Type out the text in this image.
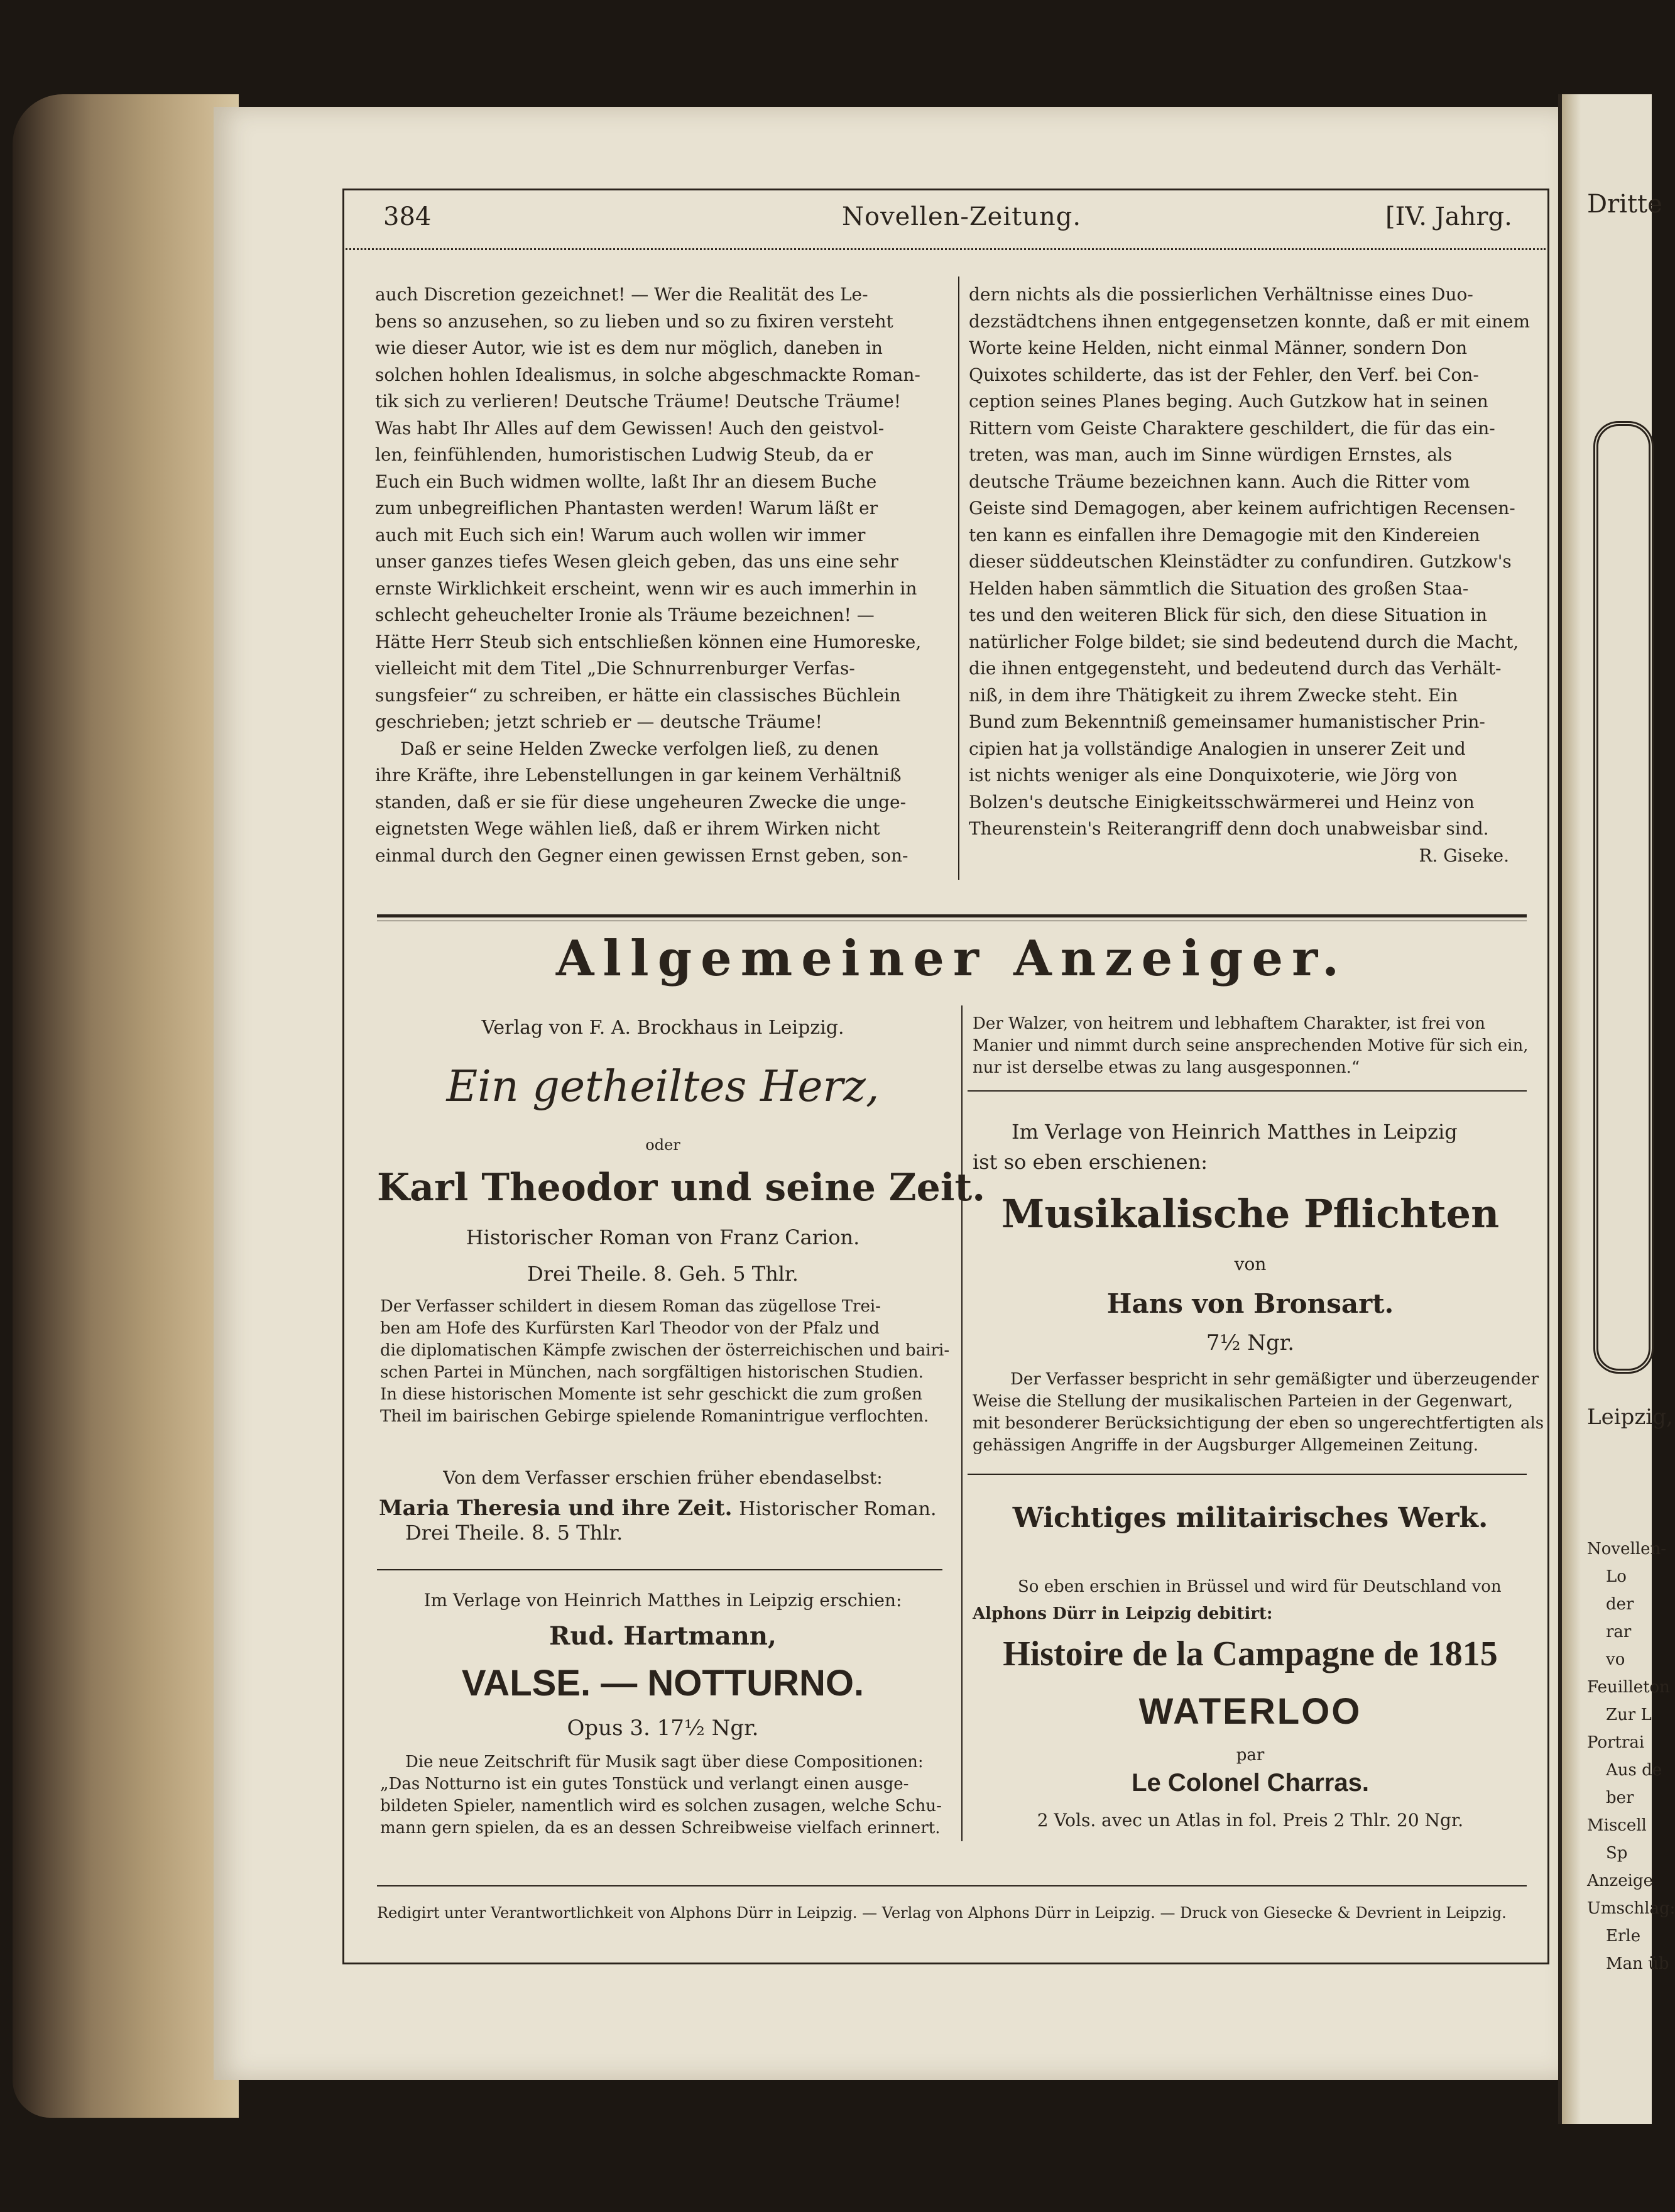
Dritte
Leipzig,
Novellen-
Lo
der
rar
vo
Feuilleton
Zur L
Portrai
Aus de
ber
Miscell
Sp
Anzeige
Umschlag:
Erle
Man üb
384	Novellen-Zeitung.	[IV. Jahrg.

auch Discretion gezeichnet! — Wer die Realität des Le-

bens so anzusehen, so zu lieben und so zu fixiren versteht

wie dieser Autor, wie ist es dem nur möglich, daneben in

solchen hohlen Idealismus, in solche abgeschmackte Roman-

tik sich zu verlieren! Deutsche Träume! Deutsche Träume!

Was habt Ihr Alles auf dem Gewissen! Auch den geistvol-

len, feinfühlenden, humoristischen Ludwig Steub, da er

Euch ein Buch widmen wollte, laßt Ihr an diesem Buche

zum unbegreiflichen Phantasten werden! Warum läßt er

auch mit Euch sich ein! Warum auch wollen wir immer

unser ganzes tiefes Wesen gleich geben, das uns eine sehr

ernste Wirklichkeit erscheint, wenn wir es auch immerhin in

schlecht geheuchelter Ironie als Träume bezeichnen! —

Hätte Herr Steub sich entschließen können eine Humoreske,

vielleicht mit dem Titel „Die Schnurrenburger Verfas-

sungsfeier“ zu schreiben, er hätte ein classisches Büchlein

geschrieben; jetzt schrieb er — deutsche Träume!

Daß er seine Helden Zwecke verfolgen ließ, zu denen

ihre Kräfte, ihre Lebenstellungen in gar keinem Verhältniß

standen, daß er sie für diese ungeheuren Zwecke die unge-

eignetsten Wege wählen ließ, daß er ihrem Wirken nicht

einmal durch den Gegner einen gewissen Ernst geben, son-

dern nichts als die possierlichen Verhältnisse eines Duo-

dezstädtchens ihnen entgegensetzen konnte, daß er mit einem

Worte keine Helden, nicht einmal Männer, sondern Don

Quixotes schilderte, das ist der Fehler, den Verf. bei Con-

ception seines Planes beging. Auch Gutzkow hat in seinen

Rittern vom Geiste Charaktere geschildert, die für das ein-

treten, was man, auch im Sinne würdigen Ernstes, als

deutsche Träume bezeichnen kann. Auch die Ritter vom

Geiste sind Demagogen, aber keinem aufrichtigen Recensen-

ten kann es einfallen ihre Demagogie mit den Kindereien

dieser süddeutschen Kleinstädter zu confundiren. Gutzkow's

Helden haben sämmtlich die Situation des großen Staa-

tes und den weiteren Blick für sich, den diese Situation in

natürlicher Folge bildet; sie sind bedeutend durch die Macht,

die ihnen entgegensteht, und bedeutend durch das Verhält-

niß, in dem ihre Thätigkeit zu ihrem Zwecke steht. Ein

Bund zum Bekenntniß gemeinsamer humanistischer Prin-

cipien hat ja vollständige Analogien in unserer Zeit und

ist nichts weniger als eine Donquixoterie, wie Jörg von

Bolzen's deutsche Einigkeitsschwärmerei und Heinz von

Theurenstein's Reiterangriff denn doch unabweisbar sind.

R. Giseke.

Allgemeiner Anzeiger.
Verlag von F. A. Brockhaus in Leipzig.
Ein getheiltes Herz,
oder
Karl Theodor und seine Zeit.
Historischer Roman von Franz Carion.
Drei Theile. 8. Geh. 5 Thlr.

Der Verfasser schildert in diesem Roman das zügellose Trei-

ben am Hofe des Kurfürsten Karl Theodor von der Pfalz und

die diplomatischen Kämpfe zwischen der österreichischen und bairi-

schen Partei in München, nach sorgfältigen historischen Studien.

In diese historischen Momente ist sehr geschickt die zum großen

Theil im bairischen Gebirge spielende Romanintrigue verflochten.

Von dem Verfasser erschien früher ebendaselbst:
Maria Theresia und ihre Zeit. Historischer Roman.
Drei Theile. 8. 5 Thlr.
Im Verlage von Heinrich Matthes in Leipzig erschien:
Rud. Hartmann,
VALSE. — NOTTURNO.
Opus 3. 17½ Ngr.

Die neue Zeitschrift für Musik sagt über diese Compositionen:

„Das Notturno ist ein gutes Tonstück und verlangt einen ausge-

bildeten Spieler, namentlich wird es solchen zusagen, welche Schu-

mann gern spielen, da es an dessen Schreibweise vielfach erinnert.

Der Walzer, von heitrem und lebhaftem Charakter, ist frei von

Manier und nimmt durch seine ansprechenden Motive für sich ein,

nur ist derselbe etwas zu lang ausgesponnen.“

Im Verlage von Heinrich Matthes in Leipzig
ist so eben erschienen:
Musikalische Pflichten
von
Hans von Bronsart.
7½ Ngr.

Der Verfasser bespricht in sehr gemäßigter und überzeugender

Weise die Stellung der musikalischen Parteien in der Gegenwart,

mit besonderer Berücksichtigung der eben so ungerechtfertigten als

gehässigen Angriffe in der Augsburger Allgemeinen Zeitung.

Wichtiges militairisches Werk.
So eben erschien in Brüssel und wird für Deutschland von
Alphons Dürr in Leipzig debitirt:
Histoire de la Campagne de 1815
WATERLOO
par
Le Colonel Charras.
2 Vols. avec un Atlas in fol. Preis 2 Thlr. 20 Ngr.
Redigirt unter Verantwortlichkeit von Alphons Dürr in Leipzig. — Verlag von Alphons Dürr in Leipzig. — Druck von Giesecke & Devrient in Leipzig.
